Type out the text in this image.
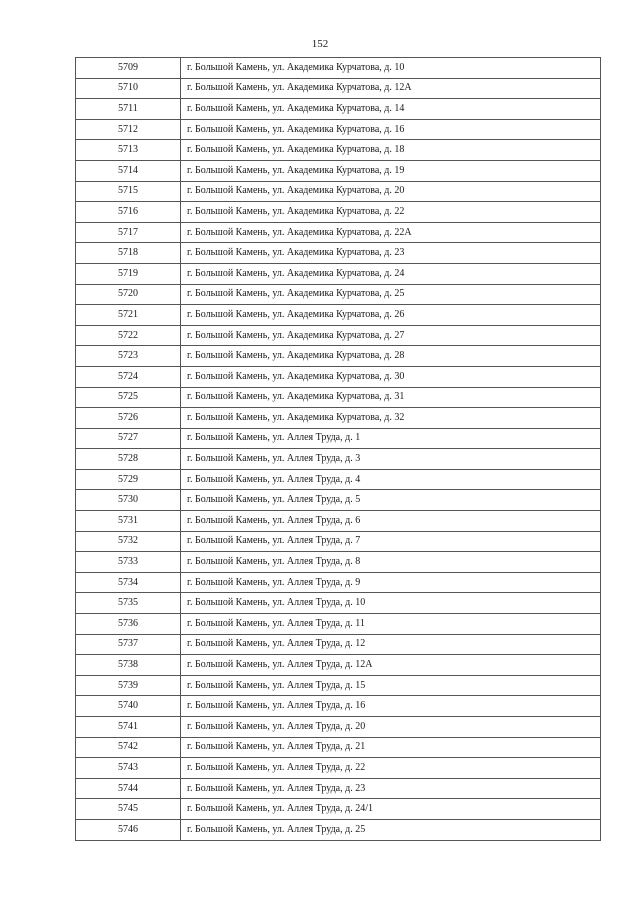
152
5709	г. Большой Камень, ул. Академика Курчатова, д. 10
5710	г. Большой Камень, ул. Академика Курчатова, д. 12А
5711	г. Большой Камень, ул. Академика Курчатова, д. 14
5712	г. Большой Камень, ул. Академика Курчатова, д. 16
5713	г. Большой Камень, ул. Академика Курчатова, д. 18
5714	г. Большой Камень, ул. Академика Курчатова, д. 19
5715	г. Большой Камень, ул. Академика Курчатова, д. 20
5716	г. Большой Камень, ул. Академика Курчатова, д. 22
5717	г. Большой Камень, ул. Академика Курчатова, д. 22А
5718	г. Большой Камень, ул. Академика Курчатова, д. 23
5719	г. Большой Камень, ул. Академика Курчатова, д. 24
5720	г. Большой Камень, ул. Академика Курчатова, д. 25
5721	г. Большой Камень, ул. Академика Курчатова, д. 26
5722	г. Большой Камень, ул. Академика Курчатова, д. 27
5723	г. Большой Камень, ул. Академика Курчатова, д. 28
5724	г. Большой Камень, ул. Академика Курчатова, д. 30
5725	г. Большой Камень, ул. Академика Курчатова, д. 31
5726	г. Большой Камень, ул. Академика Курчатова, д. 32
5727	г. Большой Камень, ул. Аллея Труда, д. 1
5728	г. Большой Камень, ул. Аллея Труда, д. 3
5729	г. Большой Камень, ул. Аллея Труда, д. 4
5730	г. Большой Камень, ул. Аллея Труда, д. 5
5731	г. Большой Камень, ул. Аллея Труда, д. 6
5732	г. Большой Камень, ул. Аллея Труда, д. 7
5733	г. Большой Камень, ул. Аллея Труда, д. 8
5734	г. Большой Камень, ул. Аллея Труда, д. 9
5735	г. Большой Камень, ул. Аллея Труда, д. 10
5736	г. Большой Камень, ул. Аллея Труда, д. 11
5737	г. Большой Камень, ул. Аллея Труда, д. 12
5738	г. Большой Камень, ул. Аллея Труда, д. 12А
5739	г. Большой Камень, ул. Аллея Труда, д. 15
5740	г. Большой Камень, ул. Аллея Труда, д. 16
5741	г. Большой Камень, ул. Аллея Труда, д. 20
5742	г. Большой Камень, ул. Аллея Труда, д. 21
5743	г. Большой Камень, ул. Аллея Труда, д. 22
5744	г. Большой Камень, ул. Аллея Труда, д. 23
5745	г. Большой Камень, ул. Аллея Труда, д. 24/1
5746	г. Большой Камень, ул. Аллея Труда, д. 25
